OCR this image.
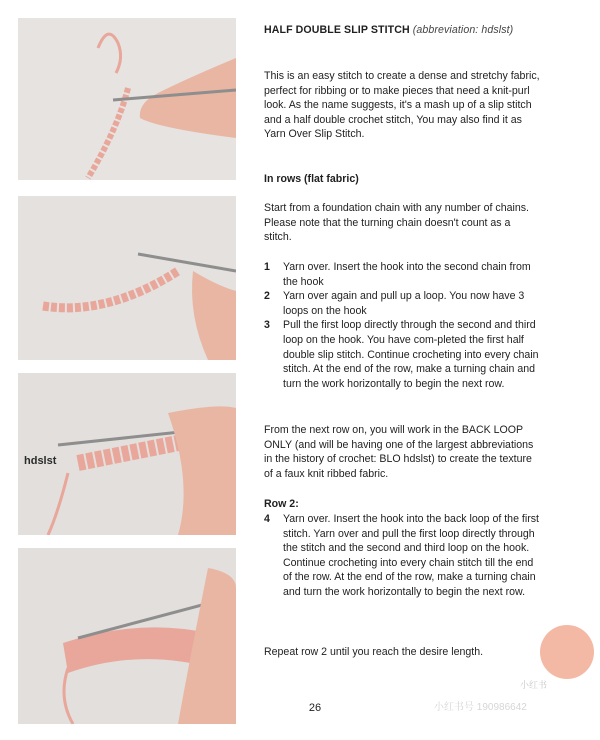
hdslst
HALF DOUBLE SLIP STITCH (abbreviation: hdslst)
This is an easy stitch to create a dense and stretchy fabric, perfect for ribbing or to make pieces that need a knit-purl look. As the name suggests, it's a mash up of a slip stitch and a half double crochet stitch, You may also find it as Yarn Over Slip Stitch.
In rows (flat fabric)
Start from a foundation chain with any number of chains. Please note that the turning chain doesn't count as a stitch.
1 Yarn over. Insert the hook into the second chain from the hook
2 Yarn over again and pull up a loop. You now have 3 loops on the hook
3 Pull the first loop directly through the second and third loop on the hook. You have com-pleted the first half double slip stitch. Continue crocheting into every chain stitch. At the end of the row, make a turning chain and turn the work horizontally to begin the next row.
From the next row on, you will work in the BACK LOOP ONLY (and will be having one of the largest abbreviations in the history of crochet: BLO hdslst) to create the texture of a faux knit ribbed fabric.
Row 2:
4 Yarn over. Insert the hook into the back loop of the first stitch. Yarn over and pull the first loop directly through the stitch and the second and third loop on the hook. Continue crocheting into every chain stitch till the end of the row. At the end of the row, make a turning chain and turn the work horizontally to begin the next row.
Repeat row 2 until you reach the desire length.
26
小红书
小红书号 190986642
